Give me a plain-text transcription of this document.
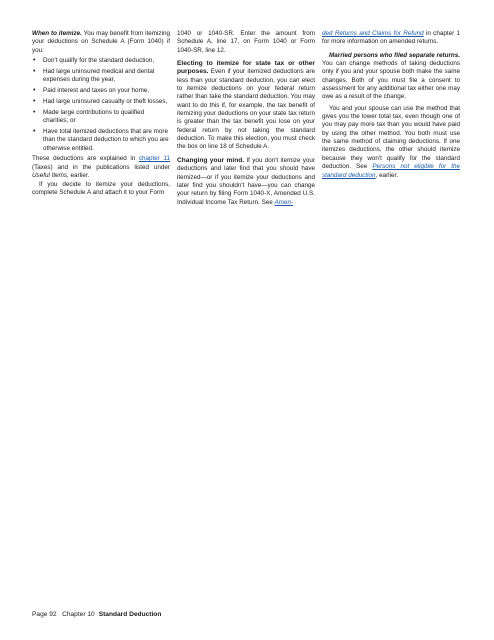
When to itemize. You may benefit from itemizing your deductions on Schedule A (Form 1040) if you:

• Don't qualify for the standard deduction,
• Had large uninsured medical and dental expenses during the year,
• Paid interest and taxes on your home,
• Had large uninsured casualty or theft losses,
• Made large contributions to qualified charities, or
• Have total itemized deductions that are more than the standard deduction to which you are otherwise entitled.

These deductions are explained in chapter 11 (Taxes) and in the publications listed under Useful Items, earlier.

If you decide to itemize your deductions, complete Schedule A and attach it to your Form

1040 or 1040-SR. Enter the amount from Schedule A, line 17, on Form 1040 or Form 1040-SR, line 12.

Electing to itemize for state tax or other purposes. Even if your itemized deductions are less than your standard deduction, you can elect to itemize deductions on your federal return rather than take the standard deduction. You may want to do this if, for example, the tax benefit of itemizing your deductions on your state tax return is greater than the tax benefit you lose on your federal return by not taking the standard deduction. To make this election, you must check the box on line 18 of Schedule A.

Changing your mind. If you don't itemize your deductions and later find that you should have itemized—or if you itemize your deductions and later find you shouldn't have—you can change your return by filing Form 1040-X, Amended U.S. Individual Income Tax Return. See Amen-

ded Returns and Claims for Refund in chapter 1 for more information on amended returns.

Married persons who filed separate returns. You can change methods of taking deductions only if you and your spouse both make the same changes. Both of you must file a consent to assessment for any additional tax either one may owe as a result of the change.

You and your spouse can use the method that gives you the lower total tax, even though one of you may pay more tax than you would have paid by using the other method. You both must use the same method of claiming deductions. If one itemizes deductions, the other should itemize because they won't qualify for the standard deduction. See Persons not eligible for the standard deduction, earlier.

Page 92 Chapter 10 Standard Deduction
